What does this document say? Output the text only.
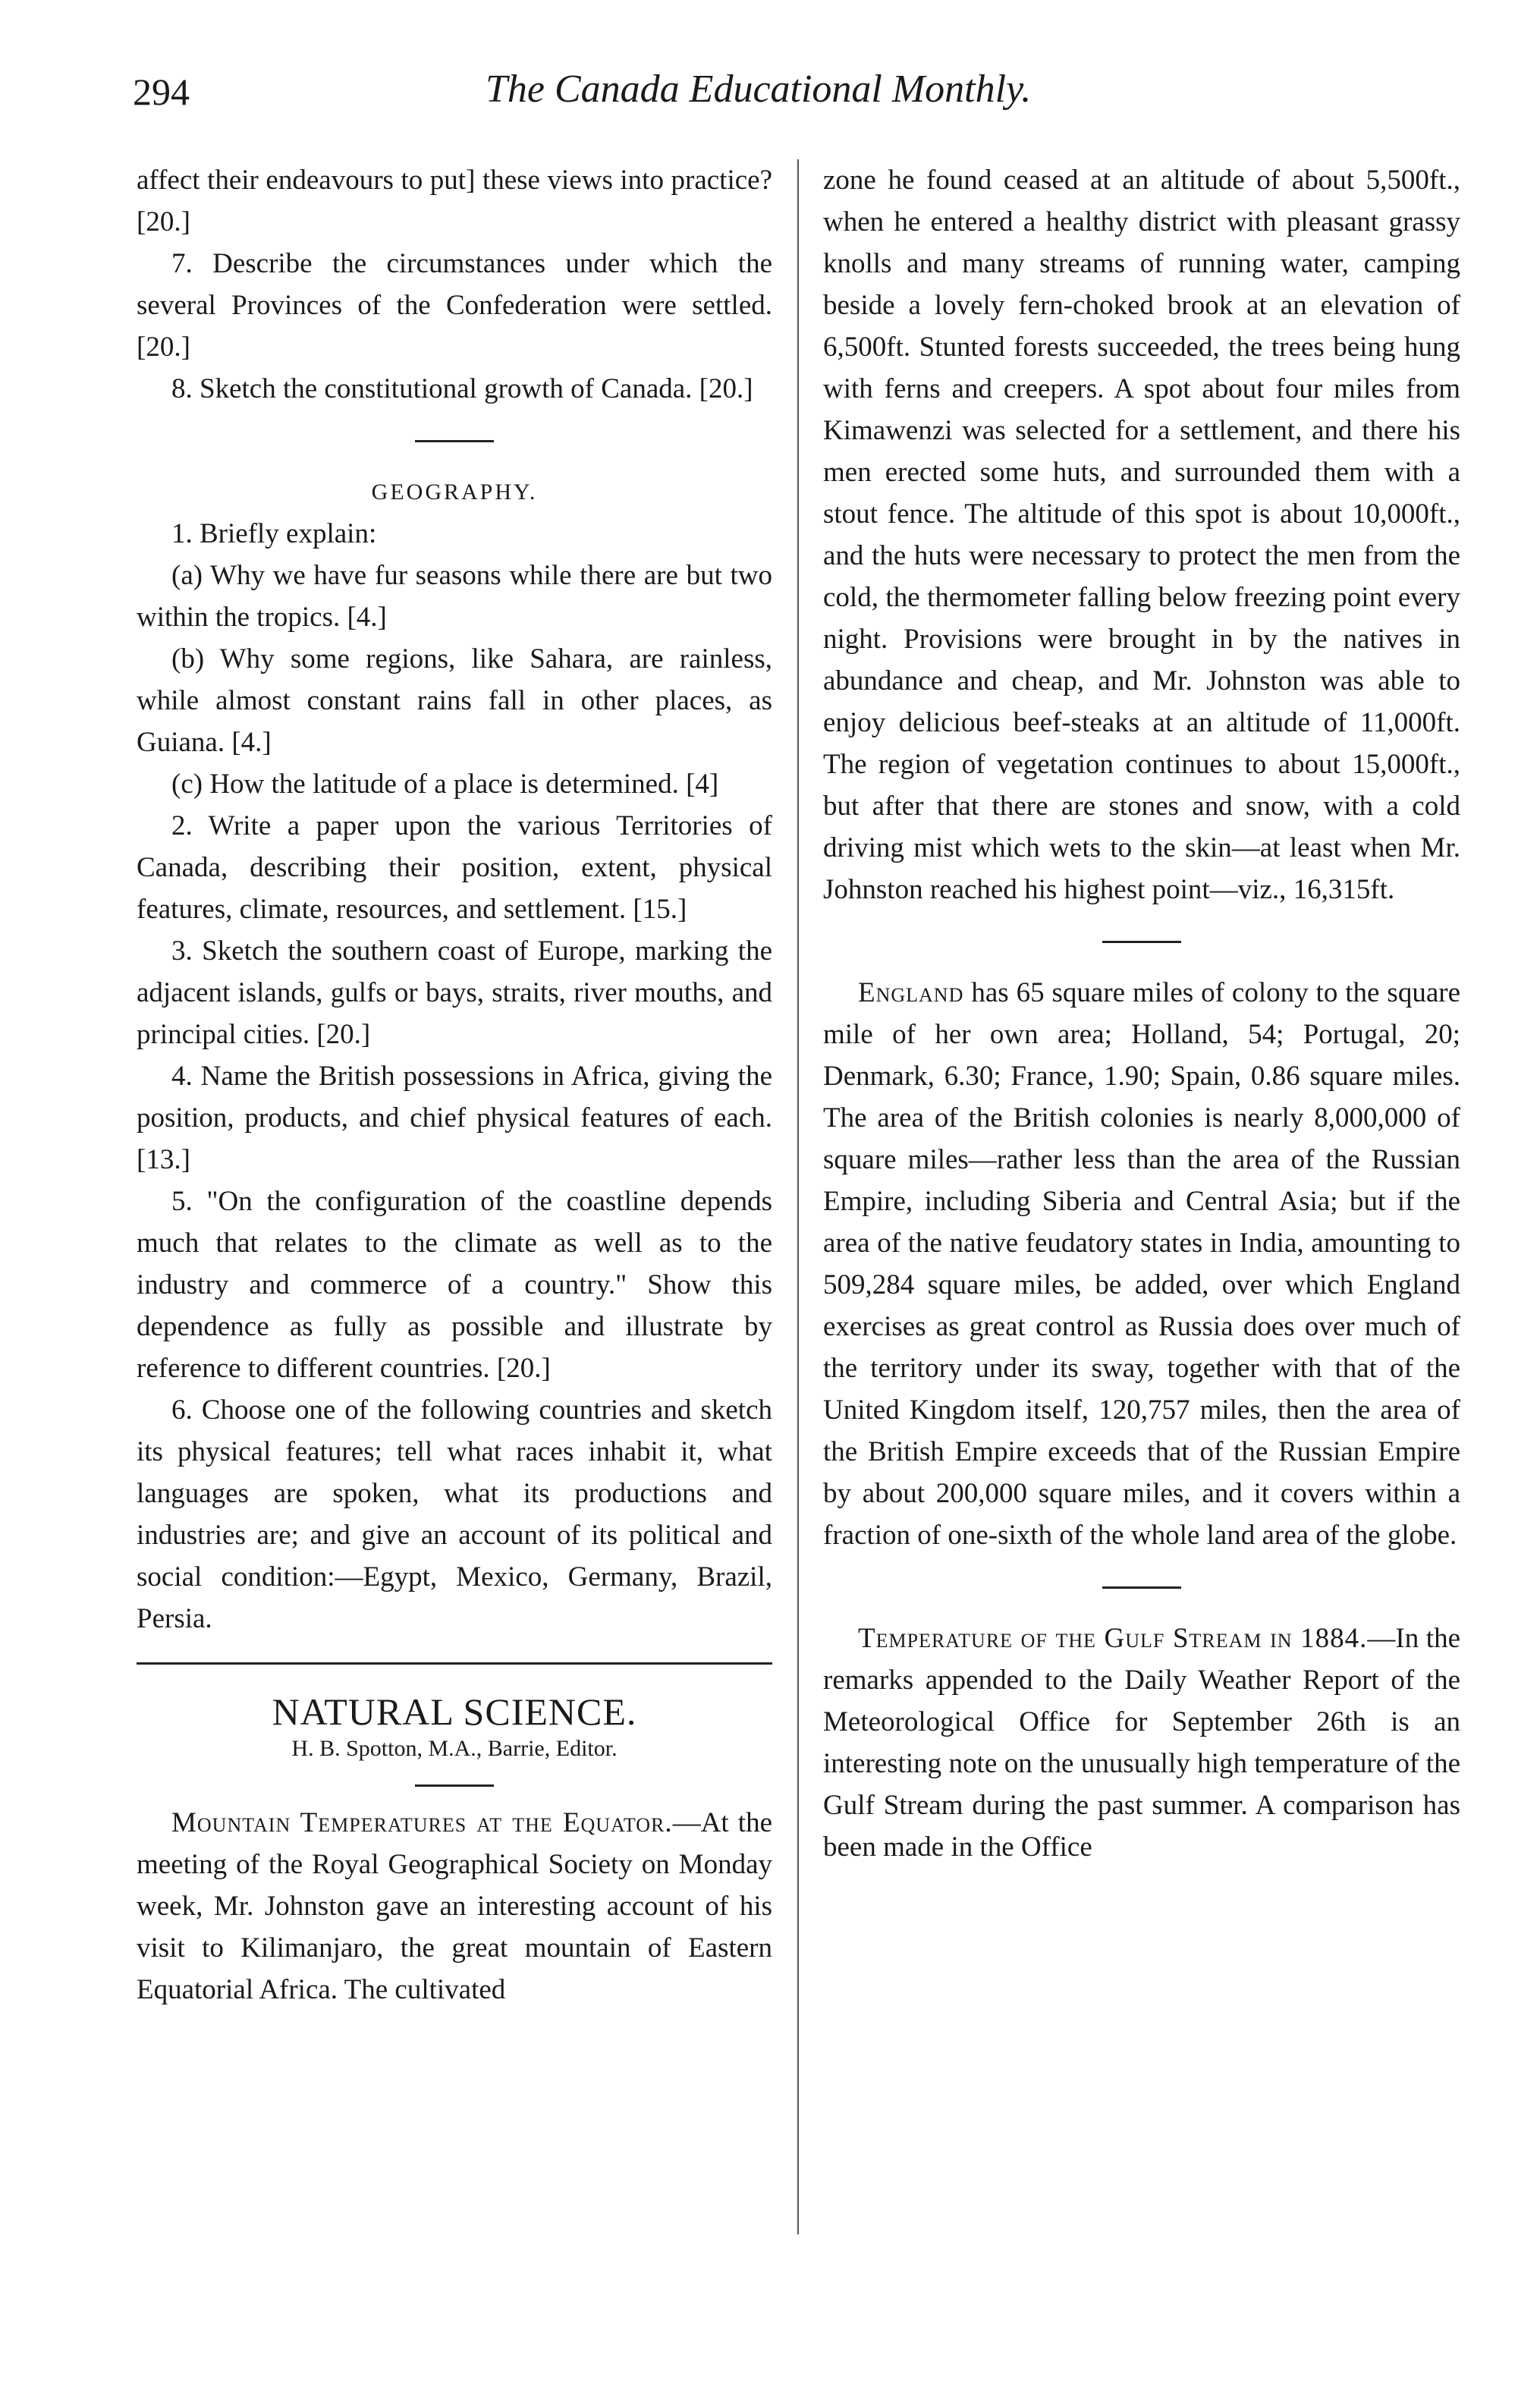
294	The Canada Educational Monthly.

affect their endeavours to put] these views into practice? [20.]

7. Describe the circumstances under which the several Provinces of the Confederation were settled. [20.]

8. Sketch the constitutional growth of Canada. [20.]

GEOGRAPHY.

1. Briefly explain:

(a) Why we have fur seasons while there are but two within the tropics. [4.]

(b) Why some regions, like Sahara, are rainless, while almost constant rains fall in other places, as Guiana. [4.]

(c) How the latitude of a place is determined. [4]

2. Write a paper upon the various Territories of Canada, describing their position, extent, physical features, climate, resources, and settlement. [15.]

3. Sketch the southern coast of Europe, marking the adjacent islands, gulfs or bays, straits, river mouths, and principal cities. [20.]

4. Name the British possessions in Africa, giving the position, products, and chief physical features of each. [13.]

5. "On the configuration of the coastline depends much that relates to the climate as well as to the industry and commerce of a country." Show this dependence as fully as possible and illustrate by reference to different countries. [20.]

6. Choose one of the following countries and sketch its physical features; tell what races inhabit it, what languages are spoken, what its productions and industries are; and give an account of its political and social condition:—Egypt, Mexico, Germany, Brazil, Persia.

NATURAL SCIENCE.

H. B. Spotton, M.A., Barrie, Editor.

Mountain Temperatures at the Equator.—At the meeting of the Royal Geographical Society on Monday week, Mr. Johnston gave an interesting account of his visit to Kilimanjaro, the great mountain of Eastern Equatorial Africa. The cultivated

zone he found ceased at an altitude of about 5,500ft., when he entered a healthy district with pleasant grassy knolls and many streams of running water, camping beside a lovely fern-choked brook at an elevation of 6,500ft. Stunted forests succeeded, the trees being hung with ferns and creepers. A spot about four miles from Kimawenzi was selected for a settlement, and there his men erected some huts, and surrounded them with a stout fence. The altitude of this spot is about 10,000ft., and the huts were necessary to protect the men from the cold, the thermometer falling below freezing point every night. Provisions were brought in by the natives in abundance and cheap, and Mr. Johnston was able to enjoy delicious beef-steaks at an altitude of 11,000ft. The region of vegetation continues to about 15,000ft., but after that there are stones and snow, with a cold driving mist which wets to the skin—at least when Mr. Johnston reached his highest point—viz., 16,315ft.

England has 65 square miles of colony to the square mile of her own area; Holland, 54; Portugal, 20; Denmark, 6.30; France, 1.90; Spain, 0.86 square miles. The area of the British colonies is nearly 8,000,000 of square miles—rather less than the area of the Russian Empire, including Siberia and Central Asia; but if the area of the native feudatory states in India, amounting to 509,284 square miles, be added, over which England exercises as great control as Russia does over much of the territory under its sway, together with that of the United Kingdom itself, 120,757 miles, then the area of the British Empire exceeds that of the Russian Empire by about 200,000 square miles, and it covers within a fraction of one-sixth of the whole land area of the globe.

Temperature of the Gulf Stream in 1884.—In the remarks appended to the Daily Weather Report of the Meteorological Office for September 26th is an interesting note on the unusually high temperature of the Gulf Stream during the past summer. A comparison has been made in the Office
